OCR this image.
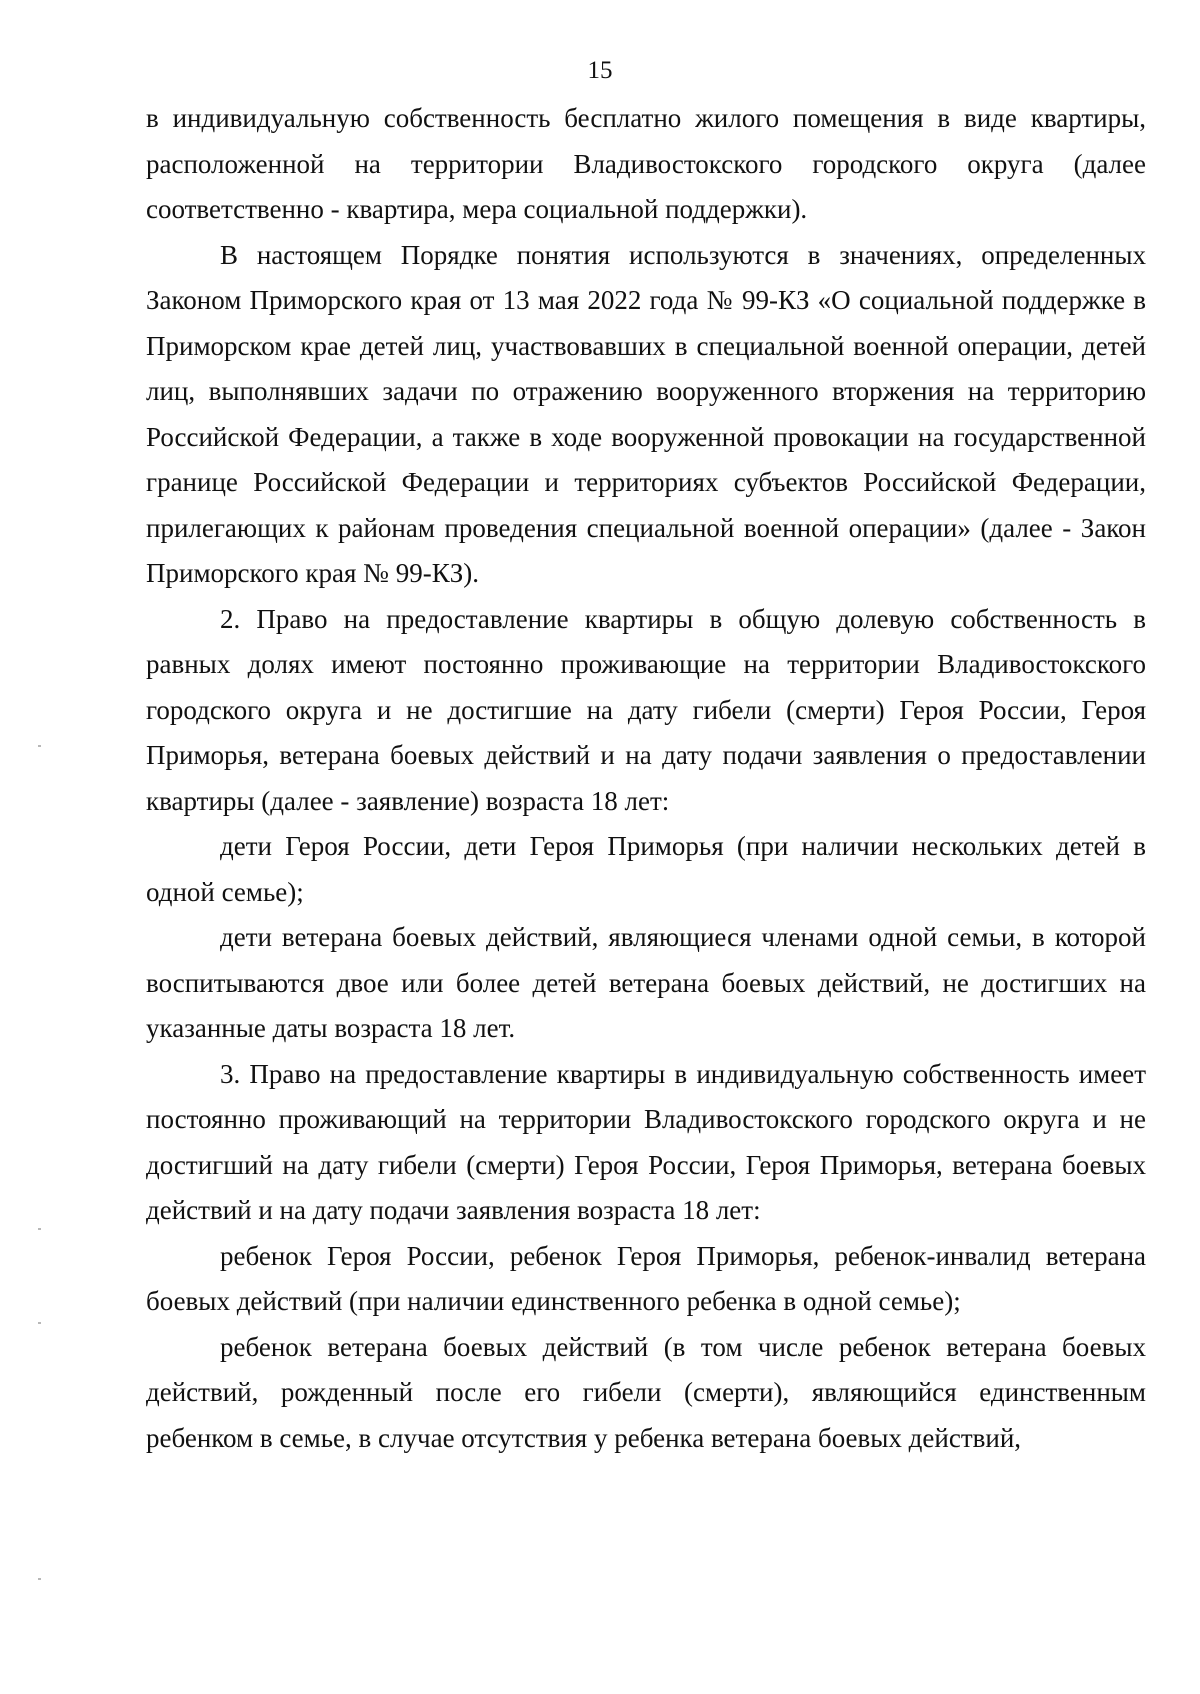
15

в индивидуальную собственность бесплатно жилого помещения в виде квартиры, расположенной на территории Владивостокского городского округа (далее соответственно - квартира, мера социальной поддержки).

В настоящем Порядке понятия используются в значениях, определенных Законом Приморского края от 13 мая 2022 года № 99-КЗ «О социальной поддержке в Приморском крае детей лиц, участвовавших в специальной военной операции, детей лиц, выполнявших задачи по отражению вооруженного вторжения на территорию Российской Федерации, а также в ходе вооруженной провокации на государственной границе Российской Федерации и территориях субъектов Российской Федерации, прилегающих к районам проведения специальной военной операции» (далее - Закон Приморского края № 99-КЗ).

2. Право на предоставление квартиры в общую долевую собственность в равных долях имеют постоянно проживающие на территории Владивостокского городского округа и не достигшие на дату гибели (смерти) Героя России, Героя Приморья, ветерана боевых действий и на дату подачи заявления о предоставлении квартиры (далее - заявление) возраста 18 лет:

дети Героя России, дети Героя Приморья (при наличии нескольких детей в одной семье);

дети ветерана боевых действий, являющиеся членами одной семьи, в которой воспитываются двое или более детей ветерана боевых действий, не достигших на указанные даты возраста 18 лет.

3. Право на предоставление квартиры в индивидуальную собственность имеет постоянно проживающий на территории Владивостокского городского округа и не достигший на дату гибели (смерти) Героя России, Героя Приморья, ветерана боевых действий и на дату подачи заявления возраста 18 лет:

ребенок Героя России, ребенок Героя Приморья, ребенок-инвалид ветерана боевых действий (при наличии единственного ребенка в одной семье);

ребенок ветерана боевых действий (в том числе ребенок ветерана боевых действий, рожденный после его гибели (смерти), являющийся единственным ребенком в семье, в случае отсутствия у ребенка ветерана боевых действий,
